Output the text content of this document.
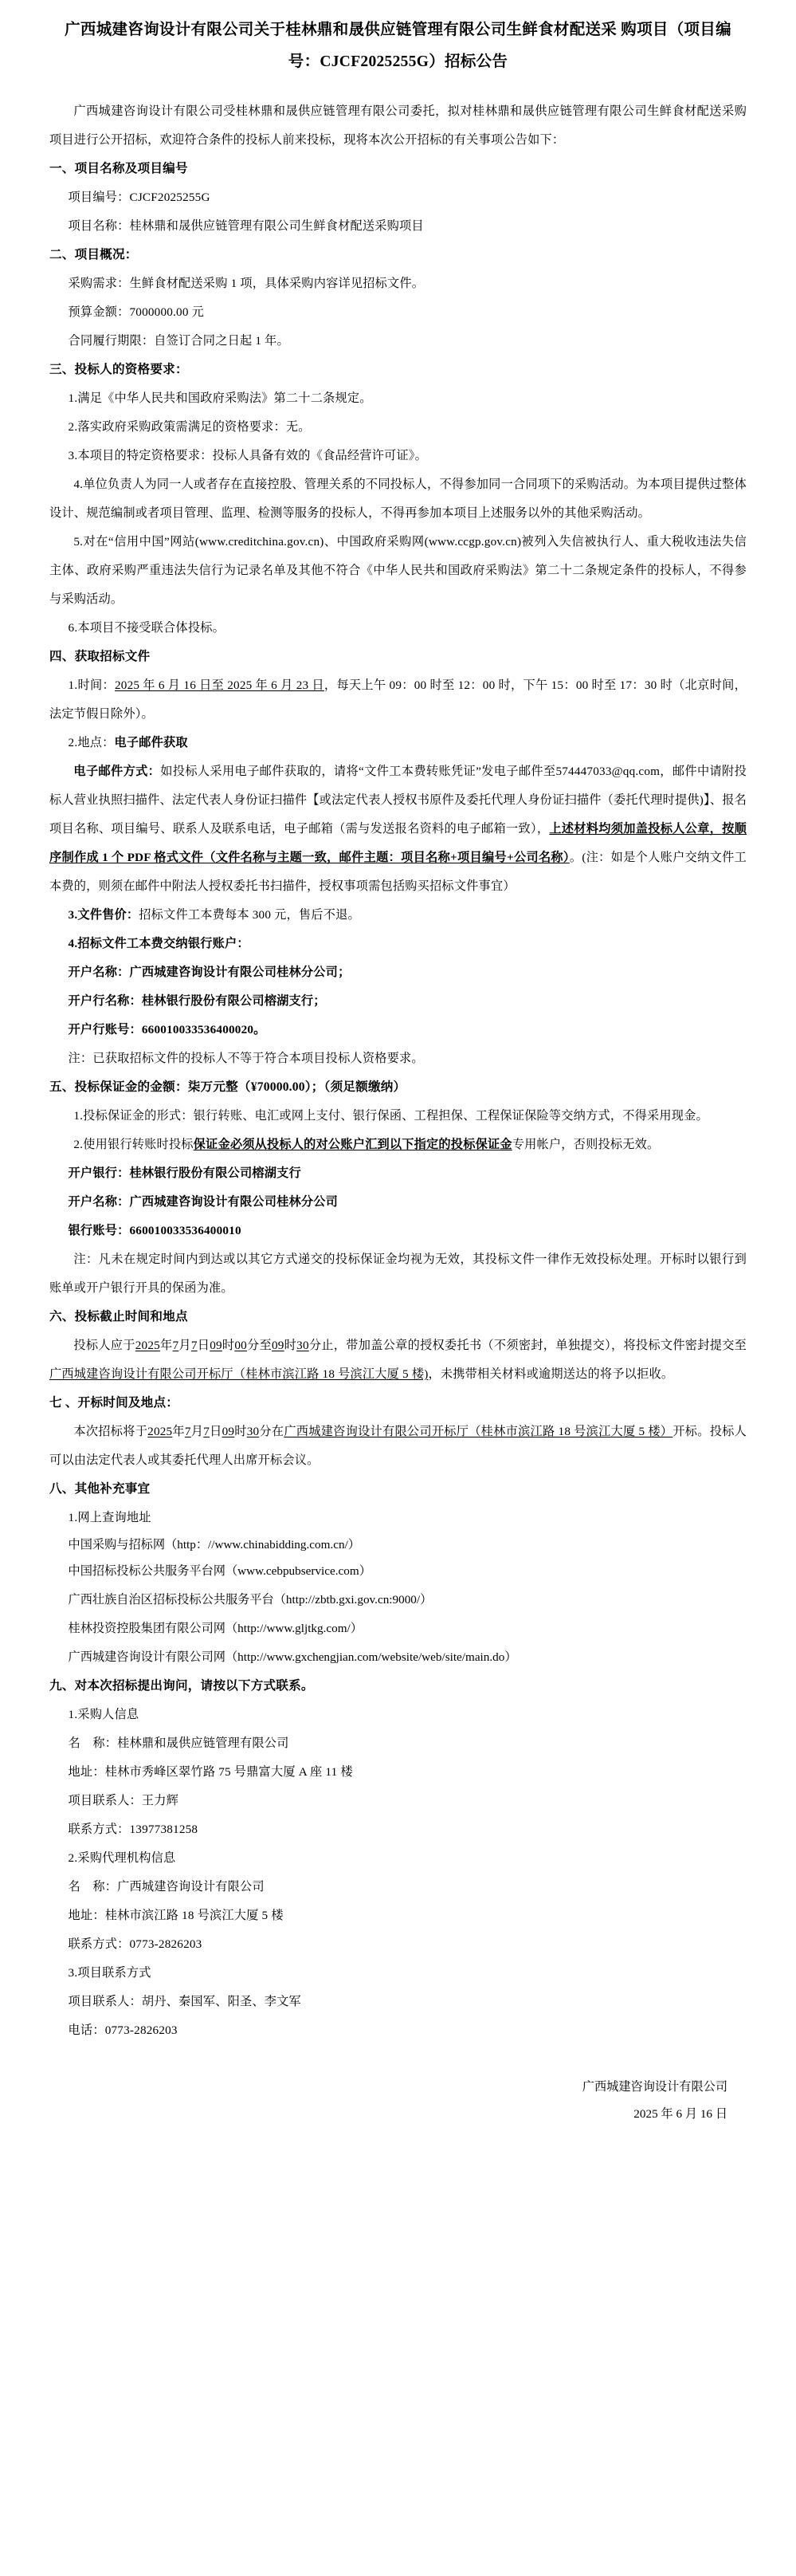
广西城建咨询设计有限公司关于桂林鼎和晟供应链管理有限公司生鲜食材配送采 购项目（项目编号：CJCF2025255G）招标公告

广西城建咨询设计有限公司受桂林鼎和晟供应链管理有限公司委托，拟对桂林鼎和晟供应链管理有限公司生鲜食材配送采购项目进行公开招标，欢迎符合条件的投标人前来投标，现将本次公开招标的有关事项公告如下：

一、项目名称及项目编号

项目编号：CJCF2025255G

项目名称：桂林鼎和晟供应链管理有限公司生鲜食材配送采购项目

二、项目概况：

采购需求：生鲜食材配送采购 1 项，具体采购内容详见招标文件。

预算金额：7000000.00 元

合同履行期限：自签订合同之日起 1 年。

三、投标人的资格要求：

1.满足《中华人民共和国政府采购法》第二十二条规定。

2.落实政府采购政策需满足的资格要求：无。

3.本项目的特定资格要求：投标人具备有效的《食品经营许可证》。

4.单位负责人为同一人或者存在直接控股、管理关系的不同投标人，不得参加同一合同项下的采购活动。为本项目提供过整体设计、规范编制或者项目管理、监理、检测等服务的投标人，不得再参加本项目上述服务以外的其他采购活动。

5.对在“信用中国”网站(www.creditchina.gov.cn)、中国政府采购网(www.ccgp.gov.cn)被列入失信被执行人、重大税收违法失信主体、政府采购严重违法失信行为记录名单及其他不符合《中华人民共和国政府采购法》第二十二条规定条件的投标人，不得参与采购活动。

6.本项目不接受联合体投标。

四、获取招标文件

1.时间：2025 年 6 月 16 日至 2025 年 6 月 23 日，每天上午 09：00 时至 12：00 时，下午 15：00 时至 17：30 时（北京时间，法定节假日除外）。

2.地点：电子邮件获取

电子邮件方式：如投标人采用电子邮件获取的，请将“文件工本费转账凭证”发电子邮件至574447033@qq.com，邮件中请附投标人营业执照扫描件、法定代表人身份证扫描件【或法定代表人授权书原件及委托代理人身份证扫描件（委托代理时提供)】、报名项目名称、项目编号、联系人及联系电话，电子邮箱（需与发送报名资料的电子邮箱一致），上述材料均须加盖投标人公章，按顺序制作成 1 个 PDF 格式文件（文件名称与主题一致，邮件主题：项目名称+项目编号+公司名称）。(注：如是个人账户交纳文件工本费的，则须在邮件中附法人授权委托书扫描件，授权事项需包括购买招标文件事宜）

3.文件售价：招标文件工本费每本 300 元，售后不退。

4.招标文件工本费交纳银行账户：

开户名称：广西城建咨询设计有限公司桂林分公司；

开户行名称：桂林银行股份有限公司榕湖支行；

开户行账号：660010033536400020。

注：已获取招标文件的投标人不等于符合本项目投标人资格要求。

五、投标保证金的金额：柒万元整（¥70000.00）；（须足额缴纳）

1.投标保证金的形式：银行转账、电汇或网上支付、银行保函、工程担保、工程保证保险等交纳方式，不得采用现金。

2.使用银行转账时投标保证金必须从投标人的对公账户汇到以下指定的投标保证金专用帐户，否则投标无效。

开户银行：桂林银行股份有限公司榕湖支行

开户名称：广西城建咨询设计有限公司桂林分公司

银行账号：660010033536400010

注：凡未在规定时间内到达或以其它方式递交的投标保证金均视为无效，其投标文件一律作无效投标处理。开标时以银行到账单或开户银行开具的保函为准。

六、投标截止时间和地点

投标人应于2025年7月7日09时00分至09时30分止，带加盖公章的授权委托书（不须密封，单独提交），将投标文件密封提交至广西城建咨询设计有限公司开标厅（桂林市滨江路 18 号滨江大厦 5 楼)，未携带相关材料或逾期送达的将予以拒收。

七 、开标时间及地点：

本次招标将于2025年7月7日09时30分在广西城建咨询设计有限公司开标厅（桂林市滨江路 18 号滨江大厦 5 楼）开标。投标人可以由法定代表人或其委托代理人出席开标会议。

八、其他补充事宜

1.网上查询地址

中国采购与招标网（http：//www.chinabidding.com.cn/）

中国招标投标公共服务平台网（www.cebpubservice.com）

广西壮族自治区招标投标公共服务平台（http://zbtb.gxi.gov.cn:9000/）

桂林投资控股集团有限公司网（http://www.gljtkg.com/）

广西城建咨询设计有限公司网（http://www.gxchengjian.com/website/web/site/main.do）

九、对本次招标提出询问，请按以下方式联系。

1.采购人信息

名　称：桂林鼎和晟供应链管理有限公司

地址：桂林市秀峰区翠竹路 75 号鼎富大厦 A 座 11 楼

项目联系人：王力辉

联系方式：13977381258

2.采购代理机构信息

名　称：广西城建咨询设计有限公司

地址：桂林市滨江路 18 号滨江大厦 5 楼

联系方式：0773-2826203

3.项目联系方式

项目联系人：胡丹、秦国军、阳圣、李文军

电话：0773-2826203

广西城建咨询设计有限公司

2025 年 6 月 16 日
